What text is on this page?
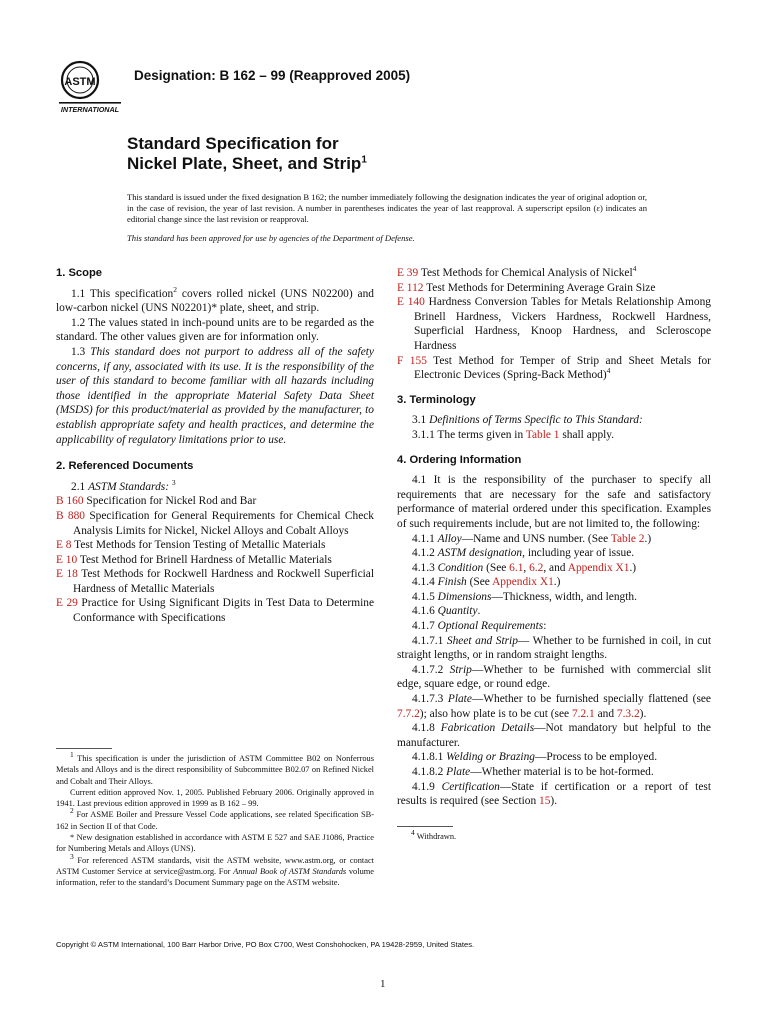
ASTM
INTERNATIONAL
Designation: B 162 – 99 (Reapproved 2005)
Standard Specification for
Nickel Plate, Sheet, and Strip$^1$
This standard is issued under the fixed designation B 162; the number immediately following the designation indicates the year of original adoption or, in the case of revision, the year of last revision. A number in parentheses indicates the year of last reapproval. A superscript epsilon (ε) indicates an editorial change since the last revision or reapproval.
This standard has been approved for use by agencies of the Department of Defense.
1. Scope

1.1 This specification$^2$ covers rolled nickel (UNS N02200) and low-carbon nickel (UNS N02201)* plate, sheet, and strip.

1.2 The values stated in inch-pound units are to be regarded as the standard. The other values given are for information only.

1.3 This standard does not purport to address all of the safety concerns, if any, associated with its use. It is the responsibility of the user of this standard to become familiar with all hazards including those identified in the appropriate Material Safety Data Sheet (MSDS) for this product/material as provided by the manufacturer, to establish appropriate safety and health practices, and determine the applicability of regulatory limitations prior to use.

2. Referenced Documents

2.1 ASTM Standards: $^3$

B 160 Specification for Nickel Rod and Bar

B 880 Specification for General Requirements for Chemical Check Analysis Limits for Nickel, Nickel Alloys and Cobalt Alloys

E 8 Test Methods for Tension Testing of Metallic Materials

E 10 Test Method for Brinell Hardness of Metallic Materials

E 18 Test Methods for Rockwell Hardness and Rockwell Superficial Hardness of Metallic Materials

E 29 Practice for Using Significant Digits in Test Data to Determine Conformance with Specifications

$^1$ This specification is under the jurisdiction of ASTM Committee B02 on Nonferrous Metals and Alloys and is the direct responsibility of Subcommittee B02.07 on Refined Nickel and Cobalt and Their Alloys.

Current edition approved Nov. 1, 2005. Published February 2006. Originally approved in 1941. Last previous edition approved in 1999 as B 162 – 99.

$^2$ For ASME Boiler and Pressure Vessel Code applications, see related Specification SB-162 in Section II of that Code.

* New designation established in accordance with ASTM E 527 and SAE J1086, Practice for Numbering Metals and Alloys (UNS).

$^3$ For referenced ASTM standards, visit the ASTM website, www.astm.org, or contact ASTM Customer Service at service@astm.org. For Annual Book of ASTM Standards volume information, refer to the standard’s Document Summary page on the ASTM website.

E 39 Test Methods for Chemical Analysis of Nickel$^4$

E 112 Test Methods for Determining Average Grain Size

E 140 Hardness Conversion Tables for Metals Relationship Among Brinell Hardness, Vickers Hardness, Rockwell Hardness, Superficial Hardness, Knoop Hardness, and Scleroscope Hardness

F 155 Test Method for Temper of Strip and Sheet Metals for Electronic Devices (Spring-Back Method)$^4$

3. Terminology

3.1 Definitions of Terms Specific to This Standard:

3.1.1 The terms given in Table 1 shall apply.

4. Ordering Information

4.1 It is the responsibility of the purchaser to specify all requirements that are necessary for the safe and satisfactory performance of material ordered under this specification. Examples of such requirements include, but are not limited to, the following:

4.1.1 Alloy—Name and UNS number. (See Table 2.)

4.1.2 ASTM designation, including year of issue.

4.1.3 Condition (See 6.1, 6.2, and Appendix X1.)

4.1.4 Finish (See Appendix X1.)

4.1.5 Dimensions—Thickness, width, and length.

4.1.6 Quantity.

4.1.7 Optional Requirements:

4.1.7.1 Sheet and Strip— Whether to be furnished in coil, in cut straight lengths, or in random straight lengths.

4.1.7.2 Strip—Whether to be furnished with commercial slit edge, square edge, or round edge.

4.1.7.3 Plate—Whether to be furnished specially flattened (see 7.7.2); also how plate is to be cut (see 7.2.1 and 7.3.2).

4.1.8 Fabrication Details—Not mandatory but helpful to the manufacturer.

4.1.8.1 Welding or Brazing—Process to be employed.

4.1.8.2 Plate—Whether material is to be hot-formed.

4.1.9 Certification—State if certification or a report of test results is required (see Section 15).

$^4$ Withdrawn.

Copyright © ASTM International, 100 Barr Harbor Drive, PO Box C700, West Conshohocken, PA 19428-2959, United States.
1
